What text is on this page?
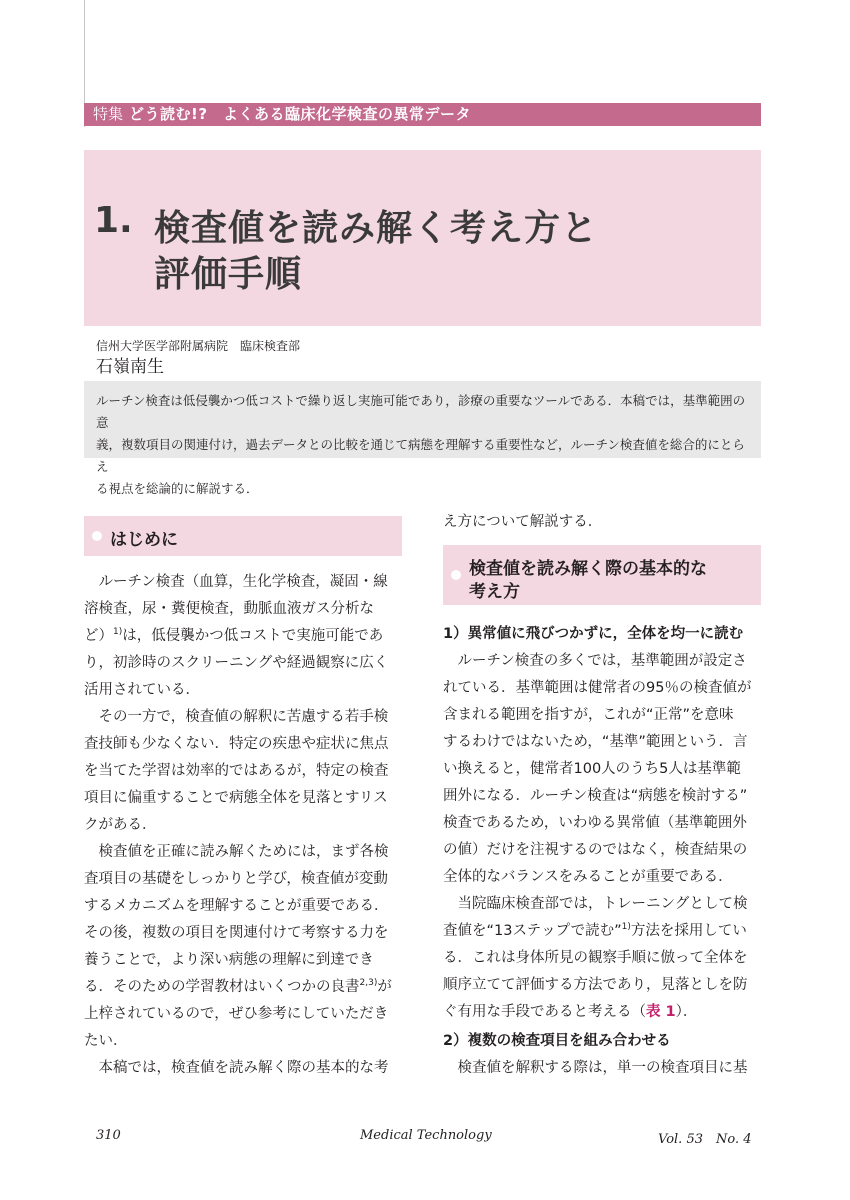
特集 どう読む!?　よくある臨床化学検査の異常データ
1. 検査値を読み解く考え方と
評価手順
信州大学医学部附属病院　臨床検査部
石嶺南生

ルーチン検査は低侵襲かつ低コストで繰り返し実施可能であり，診療の重要なツールである．本稿では，基準範囲の意

義，複数項目の関連付け，過去データとの比較を通じて病態を理解する重要性など，ルーチン検査値を総合的にとらえ

る視点を総論的に解説する．

はじめに
　ルーチン検査（血算，生化学検査，凝固・線
溶検査，尿・糞便検査，動脈血液ガス分析な
ど）$^{1)}$は，低侵襲かつ低コストで実施可能であ
り，初診時のスクリーニングや経過観察に広く
活用されている．
　その一方で，検査値の解釈に苦慮する若手検
査技師も少なくない．特定の疾患や症状に焦点
を当てた学習は効率的ではあるが，特定の検査
項目に偏重することで病態全体を見落とすリス
クがある．
　検査値を正確に読み解くためには，まず各検
査項目の基礎をしっかりと学び，検査値が変動
するメカニズムを理解することが重要である．
その後，複数の項目を関連付けて考察する力を
養うことで，より深い病態の理解に到達でき
る．そのための学習教材はいくつかの良書$^{2,3)}$が
上梓されているので，ぜひ参考にしていただき
たい．
　本稿では，検査値を読み解く際の基本的な考
え方について解説する．
検査値を読み解く際の基本的な
考え方
1）異常値に飛びつかずに，全体を均一に読む
　ルーチン検査の多くでは，基準範囲が設定さ
れている．基準範囲は健常者の95％の検査値が
含まれる範囲を指すが，これが“正常”を意味
するわけではないため，“基準”範囲という．言
い換えると，健常者100人のうち5人は基準範
囲外になる．ルーチン検査は“病態を検討する”
検査であるため，いわゆる異常値（基準範囲外
の値）だけを注視するのではなく，検査結果の
全体的なバランスをみることが重要である．
　当院臨床検査部では，トレーニングとして検
査値を“13ステップで読む”$^{1)}$方法を採用してい
る．これは身体所見の観察手順に倣って全体を
順序立てて評価する方法であり，見落としを防
ぐ有用な手段であると考える（表 1）．
2）複数の検査項目を組み合わせる
　検査値を解釈する際は，単一の検査項目に基
310	Medical Technology	Vol. 53　No. 4
